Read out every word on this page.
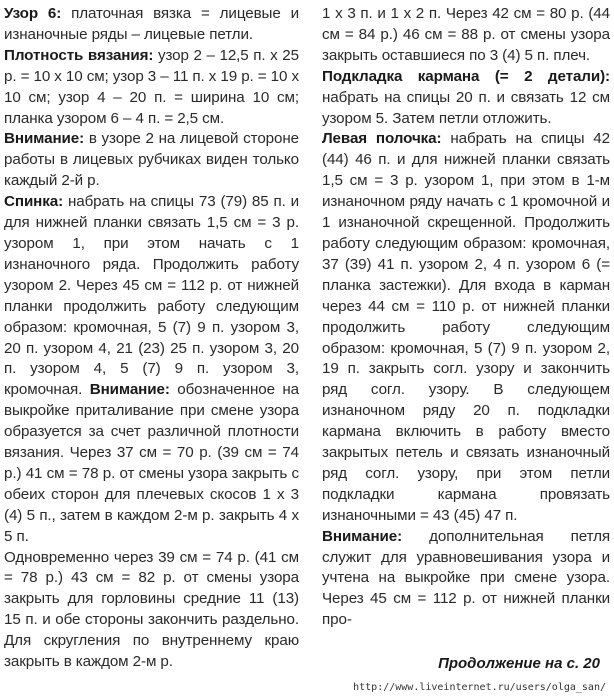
Узор 6: платочная вязка = лицевые и изнаночные ряды – лицевые петли.

Плотность вязания: узор 2 – 12,5 п. х 25 р. = 10 х 10 см; узор 3 – 11 п. х 19 р. = 10 х 10 см; узор 4 – 20 п. = ширина 10 см; планка узором 6 – 4 п. = 2,5 см.

Внимание: в узоре 2 на лицевой стороне работы в лицевых рубчиках виден только каждый 2-й р.

Спинка: набрать на спицы 73 (79) 85 п. и для нижней планки связать 1,5 см = 3 р. узором 1, при этом начать с 1 изнаночного ряда. Продолжить работу узором 2. Через 45 см = 112 р. от нижней планки продолжить работу следующим образом: кромочная, 5 (7) 9 п. узором 3, 20 п. узором 4, 21 (23) 25 п. узором 3, 20 п. узором 4, 5 (7) 9 п. узором 3, кромочная. Внимание: обозначенное на выкройке приталивание при смене узора образуется за счет различной плотности вязания. Через 37 см = 70 р. (39 см = 74 р.) 41 см = 78 р. от смены узора закрыть с обеих сторон для плечевых скосов 1 х 3 (4) 5 п., затем в каждом 2-м р. закрыть 4 х 5 п.

Одновременно через 39 см = 74 р. (41 см = 78 р.) 43 см = 82 р. от смены узора закрыть для горловины средние 11 (13) 15 п. и обе стороны закончить раздельно. Для скругления по внутреннему краю закрыть в каждом 2-м р.

1 х 3 п. и 1 х 2 п. Через 42 см = 80 р. (44 см = 84 р.) 46 см = 88 р. от смены узора закрыть оставшиеся по 3 (4) 5 п. плеч.

Подкладка кармана (= 2 детали): набрать на спицы 20 п. и связать 12 см узором 5. Затем петли отложить.

Левая полочка: набрать на спицы 42 (44) 46 п. и для нижней планки связать 1,5 см = 3 р. узором 1, при этом в 1-м изнаночном ряду начать с 1 кромочной и 1 изнаночной скрещенной. Продолжить работу следующим образом: кромочная, 37 (39) 41 п. узором 2, 4 п. узором 6 (= планка застежки). Для входа в карман через 44 см = 110 р. от нижней планки продолжить работу следующим образом: кромочная, 5 (7) 9 п. узором 2, 19 п. закрыть согл. узору и закончить ряд согл. узору. В следующем изнаночном ряду 20 п. подкладки кармана включить в работу вместо закрытых петель и связать изнаночный ряд согл. узору, при этом петли подкладки кармана провязать изнаночными = 43 (45) 47 п.

Внимание: дополнительная петля служит для уравновешивания узора и учтена на выкройке при смене узора. Через 45 см = 112 р. от нижней планки про-

Продолжение на с. 20
http://www.liveinternet.ru/users/olga_san/
